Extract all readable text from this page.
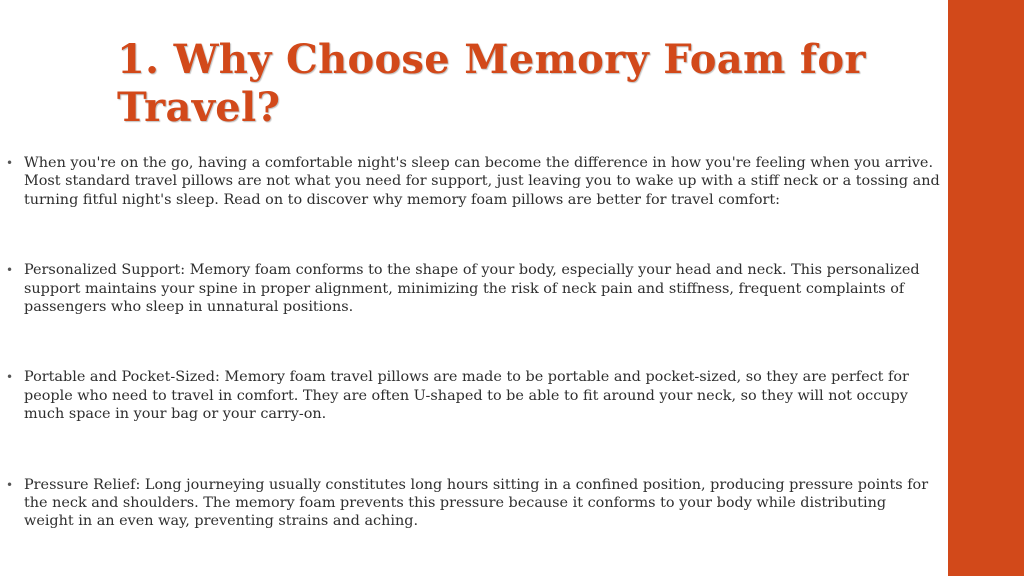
1. Why Choose Memory Foam for Travel?
• When you're on the go, having a comfortable night's sleep can become the difference in how you're feeling when you arrive. Most standard travel pillows are not what you need for support, just leaving you to wake up with a stiff neck or a tossing and turning fitful night's sleep. Read on to discover why memory foam pillows are better for travel comfort:
• Personalized Support: Memory foam conforms to the shape of your body, especially your head and neck. This personalized support maintains your spine in proper alignment, minimizing the risk of neck pain and stiffness, frequent complaints of passengers who sleep in unnatural positions.
• Portable and Pocket-Sized: Memory foam travel pillows are made to be portable and pocket-sized, so they are perfect for people who need to travel in comfort. They are often U-shaped to be able to fit around your neck, so they will not occupy much space in your bag or your carry-on.
• Pressure Relief: Long journeying usually constitutes long hours sitting in a confined position, producing pressure points for the neck and shoulders. The memory foam prevents this pressure because it conforms to your body while distributing weight in an even way, preventing strains and aching.
